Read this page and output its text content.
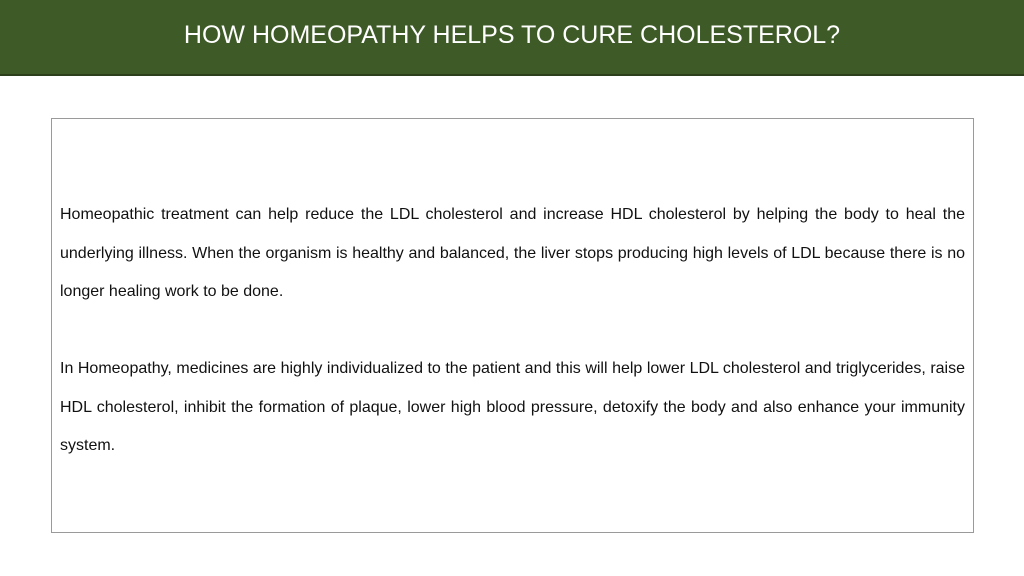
HOW HOMEOPATHY HELPS TO CURE CHOLESTEROL?

Homeopathic treatment can help reduce the LDL cholesterol and increase HDL cholesterol by helping the body to heal the underlying illness. When the organism is healthy and balanced, the liver stops producing high levels of LDL because there is no longer healing work to be done.

In Homeopathy, medicines are highly individualized to the patient and this will help lower LDL cholesterol and triglycerides, raise HDL cholesterol, inhibit the formation of plaque, lower high blood pressure, detoxify the body and also enhance your immunity system.
